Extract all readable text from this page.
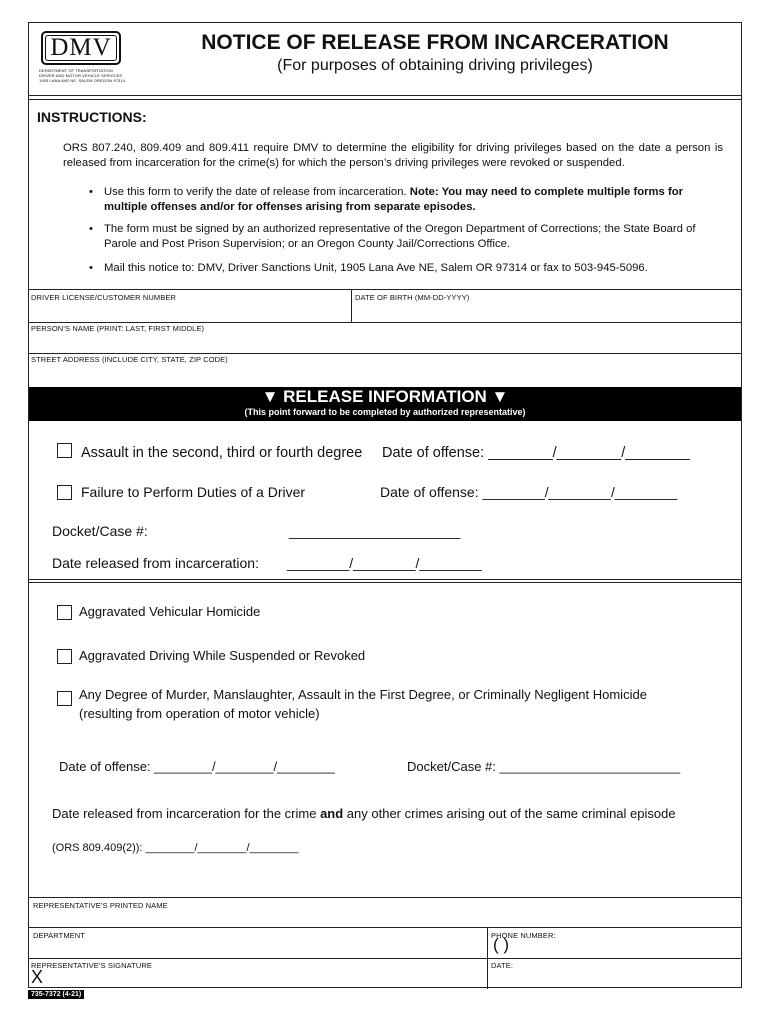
DMV
DEPARTMENT OF TRANSPORTATION
DRIVER AND MOTOR VEHICLE SERVICES
1905 LANA AVE NE, SALEM OREGON 97314
NOTICE OF RELEASE FROM INCARCERATION
(For purposes of obtaining driving privileges)
INSTRUCTIONS:
ORS 807.240, 809.409 and 809.411 require DMV to determine the eligibility for driving privileges based on the date a person is released from incarceration for the crime(s) for which the person’s driving privileges were revoked or suspended.
• Use this form to verify the date of release from incarceration. Note: You may need to complete multiple forms for multiple offenses and/or for offenses arising from separate episodes.
• The form must be signed by an authorized representative of the Oregon Department of Corrections; the State Board of Parole and Post Prison Supervision; or an Oregon County Jail/Corrections Office.
• Mail this notice to: DMV, Driver Sanctions Unit, 1905 Lana Ave NE, Salem OR 97314 or fax to 503-945-5096.
DRIVER LICENSE/CUSTOMER NUMBER	DATE OF BIRTH (MM-DD-YYYY)
PERSON’S NAME (PRINT: LAST, FIRST MIDDLE)
STREET ADDRESS (INCLUDE CITY, STATE, ZIP CODE)
▼ RELEASE INFORMATION ▼
(This point forward to be completed by authorized representative)
Assault in the second, third or fourth degree Date of offense: ________/________/________
Failure to Perform Duties of a Driver	Date of offense: ________/________/________
Docket/Case #:	______________________
Date released from incarceration: ________/________/________
Aggravated Vehicular Homicide
Aggravated Driving While Suspended or Revoked
Any Degree of Murder, Manslaughter, Assault in the First Degree, or Criminally Negligent Homicide
(resulting from operation of motor vehicle)
Date of offense: ________/________/________	Docket/Case #: _________________________
Date released from incarceration for the crime and any other crimes arising out of the same criminal episode
(ORS 809.409(2)): ________/________/________
REPRESENTATIVE’S PRINTED NAME
DEPARTMENT	PHONE NUMBER:
( )
REPRESENTATIVE’S SIGNATURE
X
DATE:
735-7372 (4-21)
